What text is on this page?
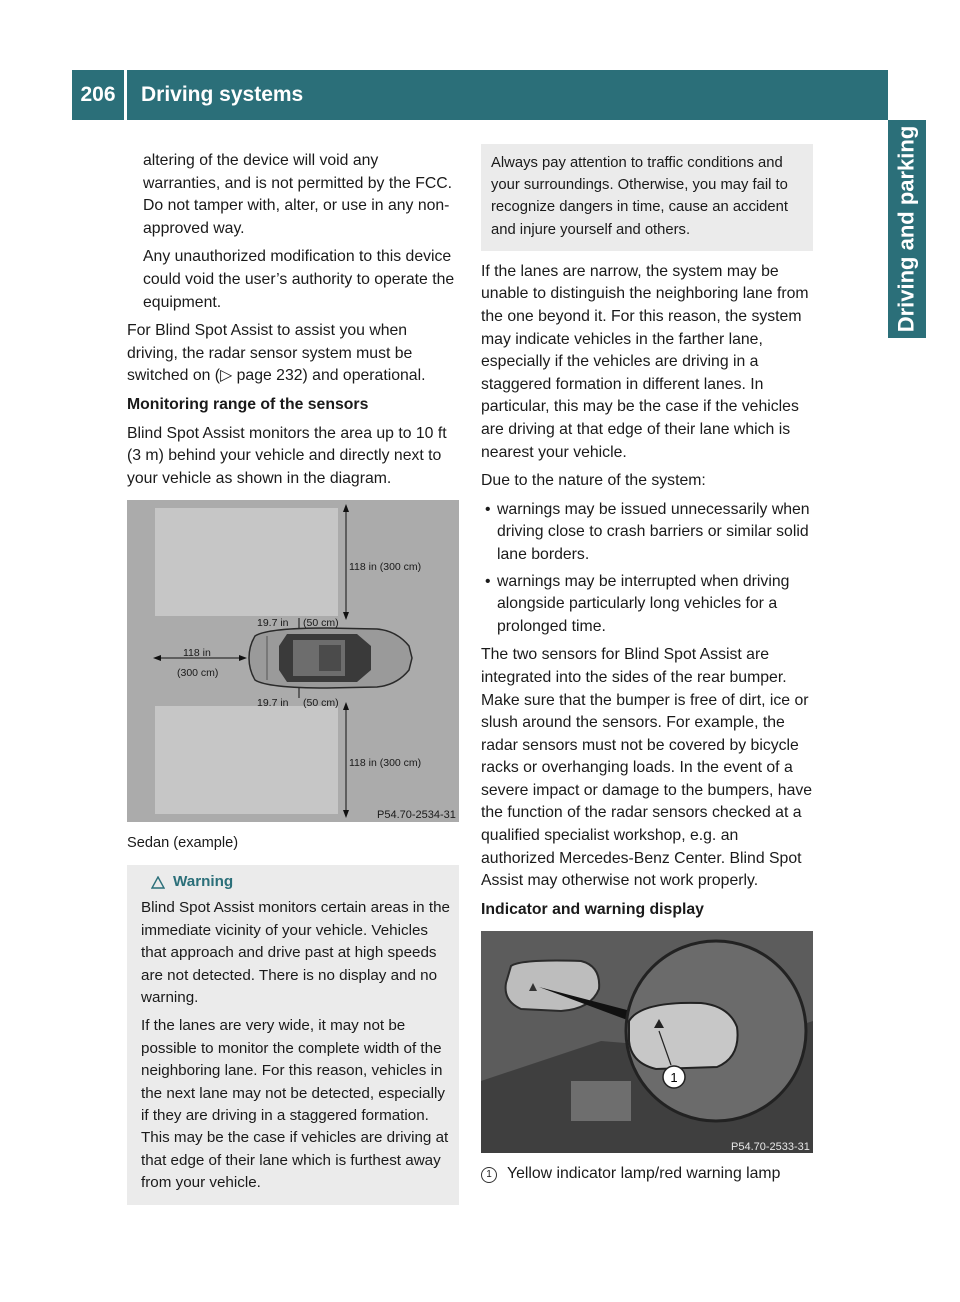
206	Driving systems
Driving and parking

altering of the device will void any warranties, and is not permitted by the FCC. Do not tamper with, alter, or use in any non-approved way.

Any unauthorized modification to this device could void the user’s authority to operate the equipment.

For Blind Spot Assist to assist you when driving, the radar sensor system must be switched on (▷ page 232) and operational.

Monitoring range of the sensors

Blind Spot Assist monitors the area up to 10 ft (3 m) behind your vehicle and directly next to your vehicle as shown in the diagram.

118 in (300 cm)
19.7 in (50 cm)
118 in
(300 cm)
19.7 in (50 cm)
118 in (300 cm)
P54.70-2534-31
Sedan (example)
Warning

Blind Spot Assist monitors certain areas in the immediate vicinity of your vehicle. Vehicles that approach and drive past at high speeds are not detected. There is no display and no warning.

If the lanes are very wide, it may not be possible to monitor the complete width of the neighboring lane. For this reason, vehicles in the next lane may not be detected, especially if they are driving in a staggered formation. This may be the case if vehicles are driving at that edge of their lane which is furthest away from your vehicle.

Always pay attention to traffic conditions and your surroundings. Otherwise, you may fail to recognize dangers in time, cause an accident and injure yourself and others.

If the lanes are narrow, the system may be unable to distinguish the neighboring lane from the one beyond it. For this reason, the system may indicate vehicles in the farther lane, especially if the vehicles are driving in a staggered formation in different lanes. In particular, this may be the case if the vehicles are driving at that edge of their lane which is nearest your vehicle.

Due to the nature of the system:

• warnings may be issued unnecessarily when driving close to crash barriers or similar solid lane borders.
• warnings may be interrupted when driving alongside particularly long vehicles for a prolonged time.

The two sensors for Blind Spot Assist are integrated into the sides of the rear bumper. Make sure that the bumper is free of dirt, ice or slush around the sensors. For example, the radar sensors must not be covered by bicycle racks or overhanging loads. In the event of a severe impact or damage to the bumpers, have the function of the radar sensors checked at a qualified specialist workshop, e.g. an authorized Mercedes-Benz Center. Blind Spot Assist may otherwise not work properly.

Indicator and warning display

1
P54.70-2533-31
1 Yellow indicator lamp/red warning lamp
